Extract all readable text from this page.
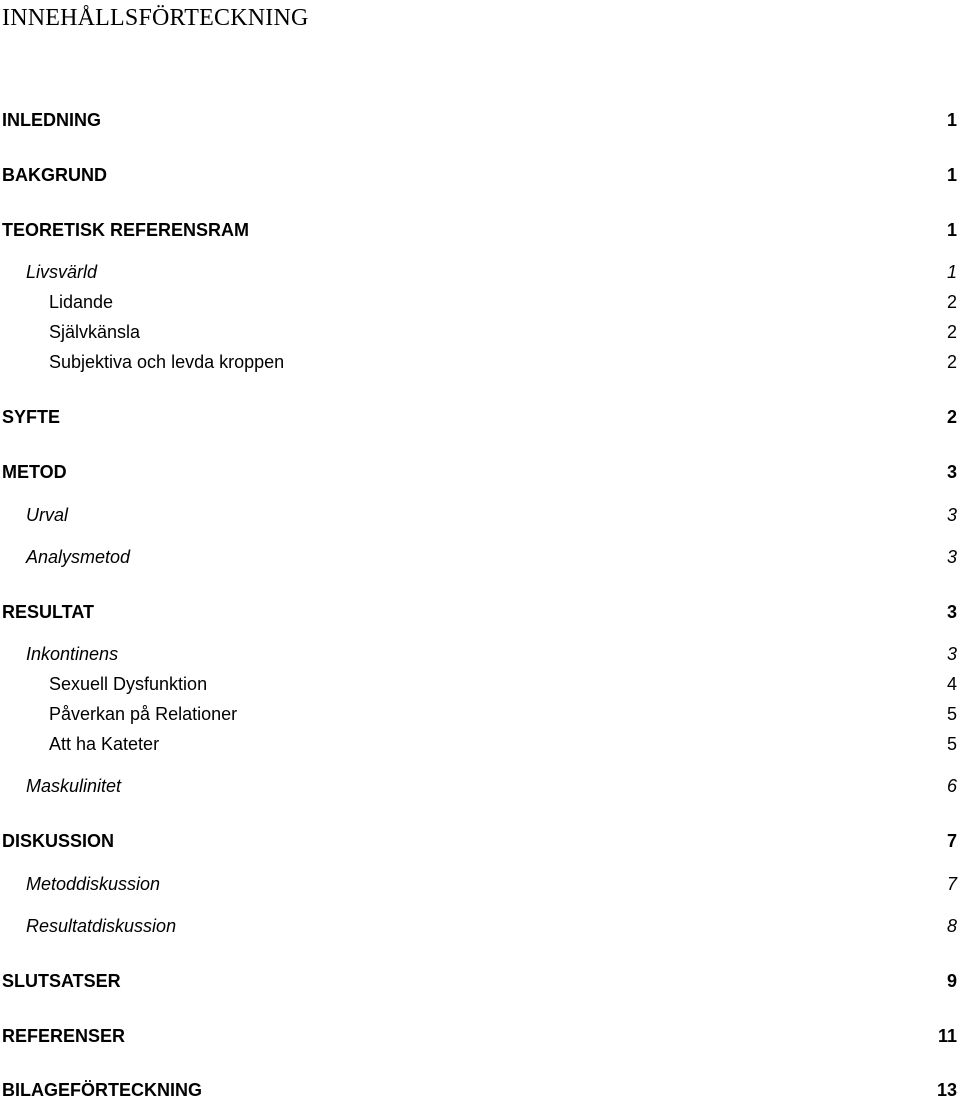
INNEHÅLLSFÖRTECKNING
INLEDNING	1
BAKGRUND	1
TEORETISK REFERENSRAM	1
Livsvärld	1
Lidande	2
Självkänsla	2
Subjektiva och levda kroppen	2
SYFTE	2
METOD	3
Urval	3
Analysmetod	3
RESULTAT	3
Inkontinens	3
Sexuell Dysfunktion	4
Påverkan på Relationer	5
Att ha Kateter	5
Maskulinitet	6
DISKUSSION	7
Metoddiskussion	7
Resultatdiskussion	8
SLUTSATSER	9
REFERENSER	11
BILAGEFÖRTECKNING	13
